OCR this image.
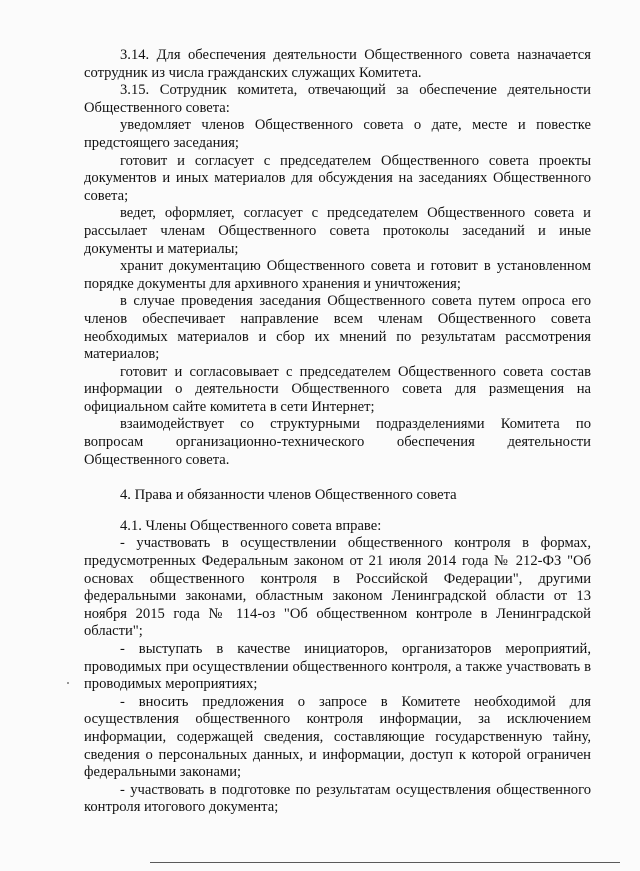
3.14. Для обеспечения деятельности Общественного совета назначается сотрудник из числа гражданских служащих Комитета.

3.15. Сотрудник комитета, отвечающий за обеспечение деятельности Общественного совета:

уведомляет членов Общественного совета о дате, месте и повестке предстоящего заседания;

готовит и согласует с председателем Общественного совета проекты документов и иных материалов для обсуждения на заседаниях Общественного совета;

ведет, оформляет, согласует с председателем Общественного совета и рассылает членам Общественного совета протоколы заседаний и иные документы и материалы;

хранит документацию Общественного совета и готовит в установленном порядке документы для архивного хранения и уничтожения;

в случае проведения заседания Общественного совета путем опроса его членов обеспечивает направление всем членам Общественного совета необходимых материалов и сбор их мнений по результатам рассмотрения материалов;

готовит и согласовывает с председателем Общественного совета состав информации о деятельности Общественного совета для размещения на официальном сайте комитета в сети Интернет;

взаимодействует со структурными подразделениями Комитета по вопросам организационно-технического обеспечения деятельности Общественного совета.

4. Права и обязанности членов Общественного совета

4.1. Члены Общественного совета вправе:

- участвовать в осуществлении общественного контроля в формах, предусмотренных Федеральным законом от 21 июля 2014 года № 212-ФЗ "Об основах общественного контроля в Российской Федерации", другими федеральными законами, областным законом Ленинградской области от 13 ноября 2015 года № 114-оз "Об общественном контроле в Ленинградской области";

- выступать в качестве инициаторов, организаторов мероприятий, проводимых при осуществлении общественного контроля, а также участвовать в проводимых мероприятиях;

- вносить предложения о запросе в Комитете необходимой для осуществления общественного контроля информации, за исключением информации, содержащей сведения, составляющие государственную тайну, сведения о персональных данных, и информации, доступ к которой ограничен федеральными законами;

- участвовать в подготовке по результатам осуществления общественного контроля итогового документа;
